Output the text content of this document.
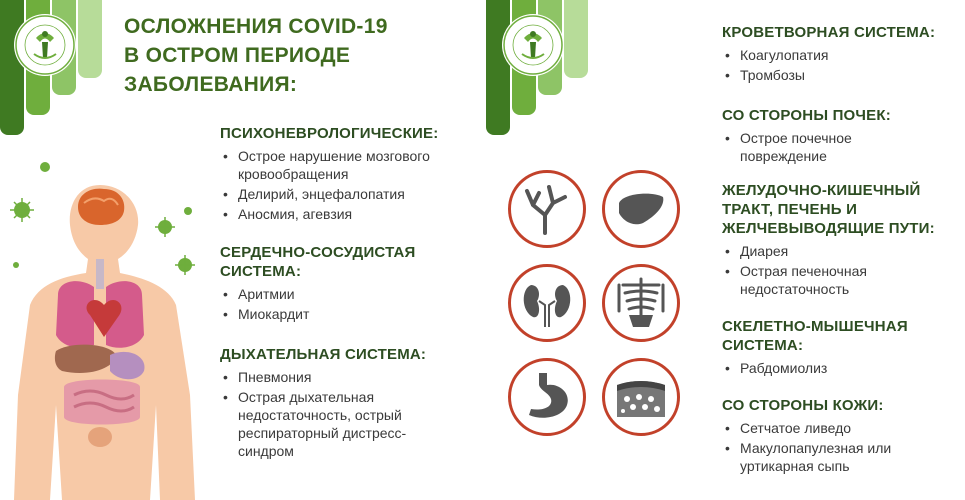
ОСЛОЖНЕНИЯ COVID-19
В ОСТРОМ ПЕРИОДЕ
ЗАБОЛЕВАНИЯ:
ПСИХОНЕВРОЛОГИЧЕСКИЕ:
• Острое нарушение мозгового кровообращения
• Делирий, энцефалопатия
• Аносмия, агевзия
СЕРДЕЧНО-СОСУДИСТАЯ
СИСТЕМА:
• Аритмии
• Миокардит
ДЫХАТЕЛЬНАЯ СИСТЕМА:
• Пневмония
• Острая дыхательная недостаточность, острый респираторный дистресс-синдром
КРОВЕТВОРНАЯ СИСТЕМА:
• Коагулопатия
• Тромбозы
СО СТОРОНЫ ПОЧЕК:
• Острое почечное повреждение
ЖЕЛУДОЧНО-КИШЕЧНЫЙ
ТРАКТ, ПЕЧЕНЬ И
ЖЕЛЧЕВЫВОДЯЩИЕ ПУТИ:
• Диарея
• Острая печеночная недостаточность
СКЕЛЕТНО-МЫШЕЧНАЯ
СИСТЕМА:
• Рабдомиолиз
СО СТОРОНЫ КОЖИ:
• Сетчатое ливедо
• Макулопапулезная или уртикарная сыпь
